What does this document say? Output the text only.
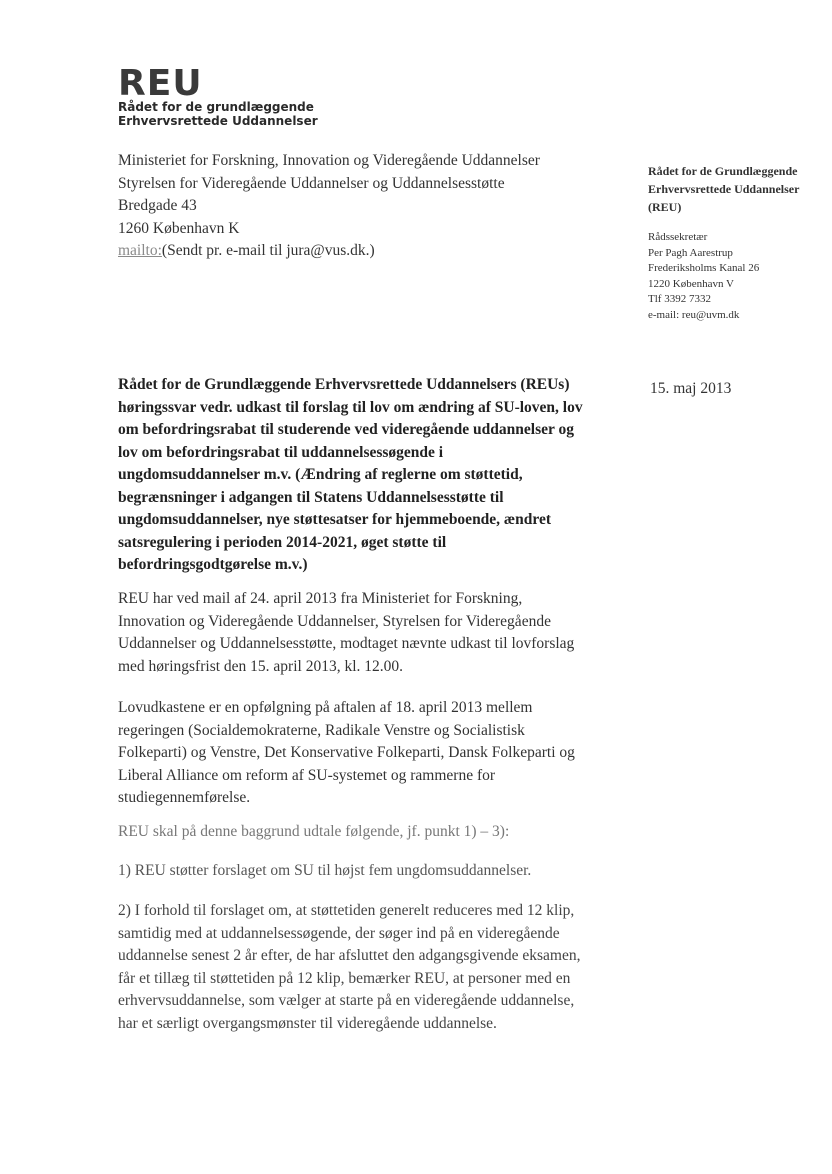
REU
Rådet for de grundlæggende
Erhvervsrettede Uddannelser
Ministeriet for Forskning, Innovation og Videregående Uddannelser
Styrelsen for Videregående Uddannelser og Uddannelsesstøtte
Bredgade 43
1260 København K
mailto:(Sendt pr. e-mail til jura@vus.dk.)
Rådet for de Grundlæggende Erhvervsrettede Uddannelser (REU)
Rådssekretær
Per Pagh Aarestrup
Frederiksholms Kanal 26
1220 København V
Tlf 3392 7332
e-mail: reu@uvm.dk
15. maj 2013
Rådet for de Grundlæggende Erhvervsrettede Uddannelsers (REUs) høringssvar vedr. udkast til forslag til lov om ændring af SU-loven, lov om befordringsrabat til studerende ved videregående uddannelser og lov om befordringsrabat til uddannelsessøgende i ungdomsuddannelser m.v. (Ændring af reglerne om støttetid, begrænsninger i adgangen til Statens Uddannelsesstøtte til ungdomsuddannelser, nye støttesatser for hjemmeboende, ændret satsregulering i perioden 2014-2021, øget støtte til befordringsgodtgørelse m.v.)
REU har ved mail af 24. april 2013 fra Ministeriet for Forskning, Innovation og Videregående Uddannelser, Styrelsen for Videregående Uddannelser og Uddannelsesstøtte, modtaget nævnte udkast til lovforslag med høringsfrist den 15. april 2013, kl. 12.00.
Lovudkastene er en opfølgning på aftalen af 18. april 2013 mellem regeringen (Socialdemokraterne, Radikale Venstre og Socialistisk Folkeparti) og Venstre, Det Konservative Folkeparti, Dansk Folkeparti og Liberal Alliance om reform af SU-systemet og rammerne for studiegennemførelse.
REU skal på denne baggrund udtale følgende, jf. punkt 1) – 3):
1) REU støtter forslaget om SU til højst fem ungdomsuddannelser.
2) I forhold til forslaget om, at støttetiden generelt reduceres med 12 klip, samtidig med at uddannelsessøgende, der søger ind på en videregående uddannelse senest 2 år efter, de har afsluttet den adgangsgivende eksamen, får et tillæg til støttetiden på 12 klip, bemærker REU, at personer med en erhvervsuddannelse, som vælger at starte på en videregående uddannelse, har et særligt overgangsmønster til videregående uddannelse.
